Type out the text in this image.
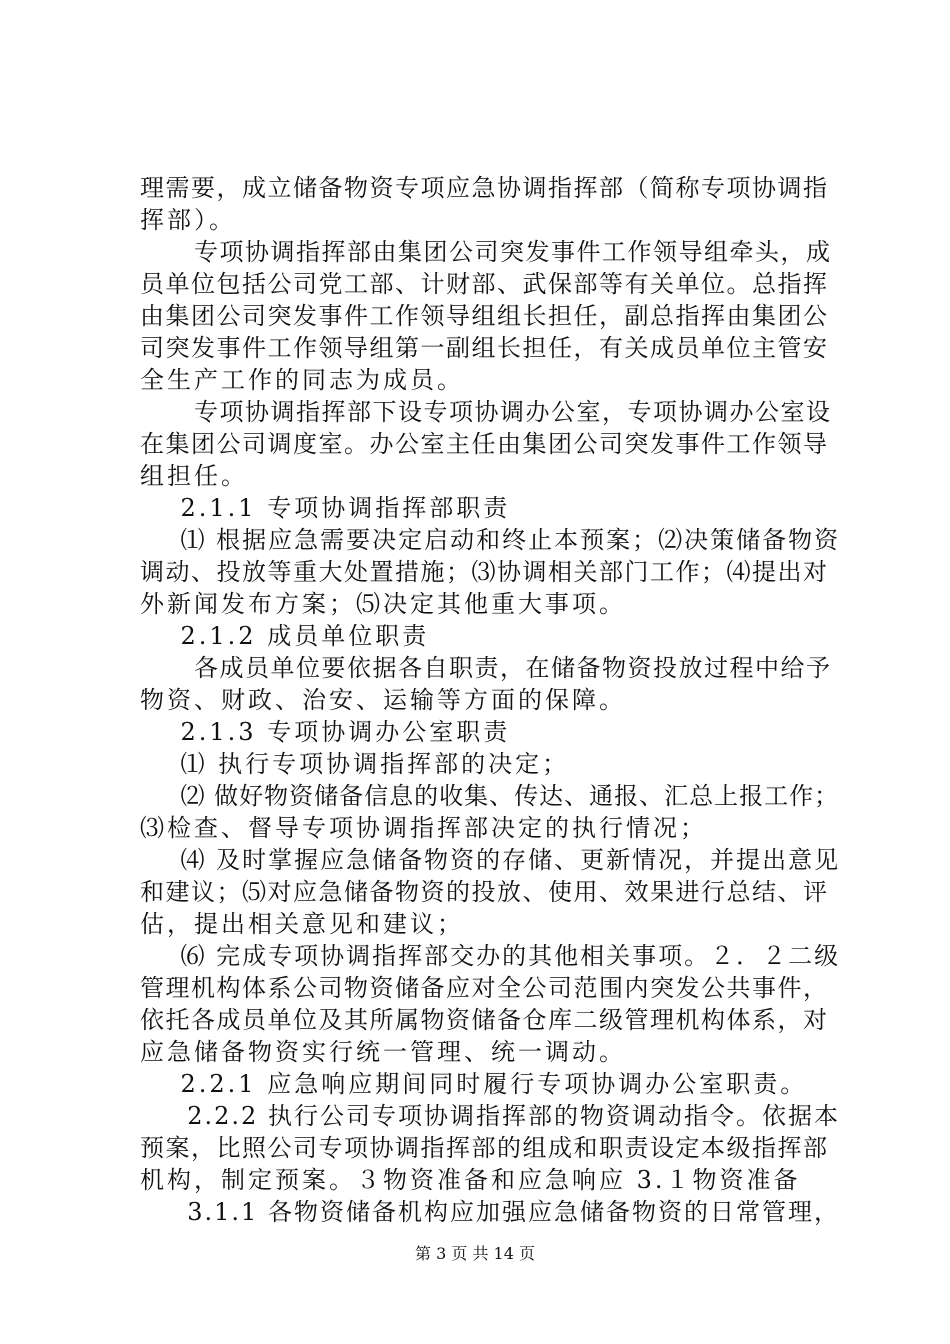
理需要，成立储备物资专项应急协调指挥部（简称专项协调指
挥部）。
专项协调指挥部由集团公司突发事件工作领导组牵头，成
员单位包括公司党工部、计财部、武保部等有关单位。总指挥
由集团公司突发事件工作领导组组长担任，副总指挥由集团公
司突发事件工作领导组第一副组长担任，有关成员单位主管安
全生产工作的同志为成员。
专项协调指挥部下设专项协调办公室，专项协调办公室设
在集团公司调度室。办公室主任由集团公司突发事件工作领导
组担任。
2.1.1 专项协调指挥部职责
⑴ 根据应急需要决定启动和终止本预案；⑵决策储备物资
调动、投放等重大处置措施；⑶协调相关部门工作；⑷提出对
外新闻发布方案；⑸决定其他重大事项。
2.1.2 成员单位职责
各成员单位要依据各自职责，在储备物资投放过程中给予
物资、财政、治安、运输等方面的保障。
2.1.3 专项协调办公室职责
⑴ 执行专项协调指挥部的决定；
⑵ 做好物资储备信息的收集、传达、通报、汇总上报工作；
⑶检查、督导专项协调指挥部决定的执行情况；
⑷ 及时掌握应急储备物资的存储、更新情况，并提出意见
和建议；⑸对应急储备物资的投放、使用、效果进行总结、评
估，提出相关意见和建议；
⑹ 完成专项协调指挥部交办的其他相关事项。２．２二级
管理机构体系公司物资储备应对全公司范围内突发公共事件，
依托各成员单位及其所属物资储备仓库二级管理机构体系，对
应急储备物资实行统一管理、统一调动。
2.2.1 应急响应期间同时履行专项协调办公室职责。
2.2.2 执行公司专项协调指挥部的物资调动指令。依据本
预案，比照公司专项协调指挥部的组成和职责设定本级指挥部
机构，制定预案。３物资准备和应急响应 3.１物资准备
3.1.1 各物资储备机构应加强应急储备物资的日常管理，
第 3 页 共 14 页
